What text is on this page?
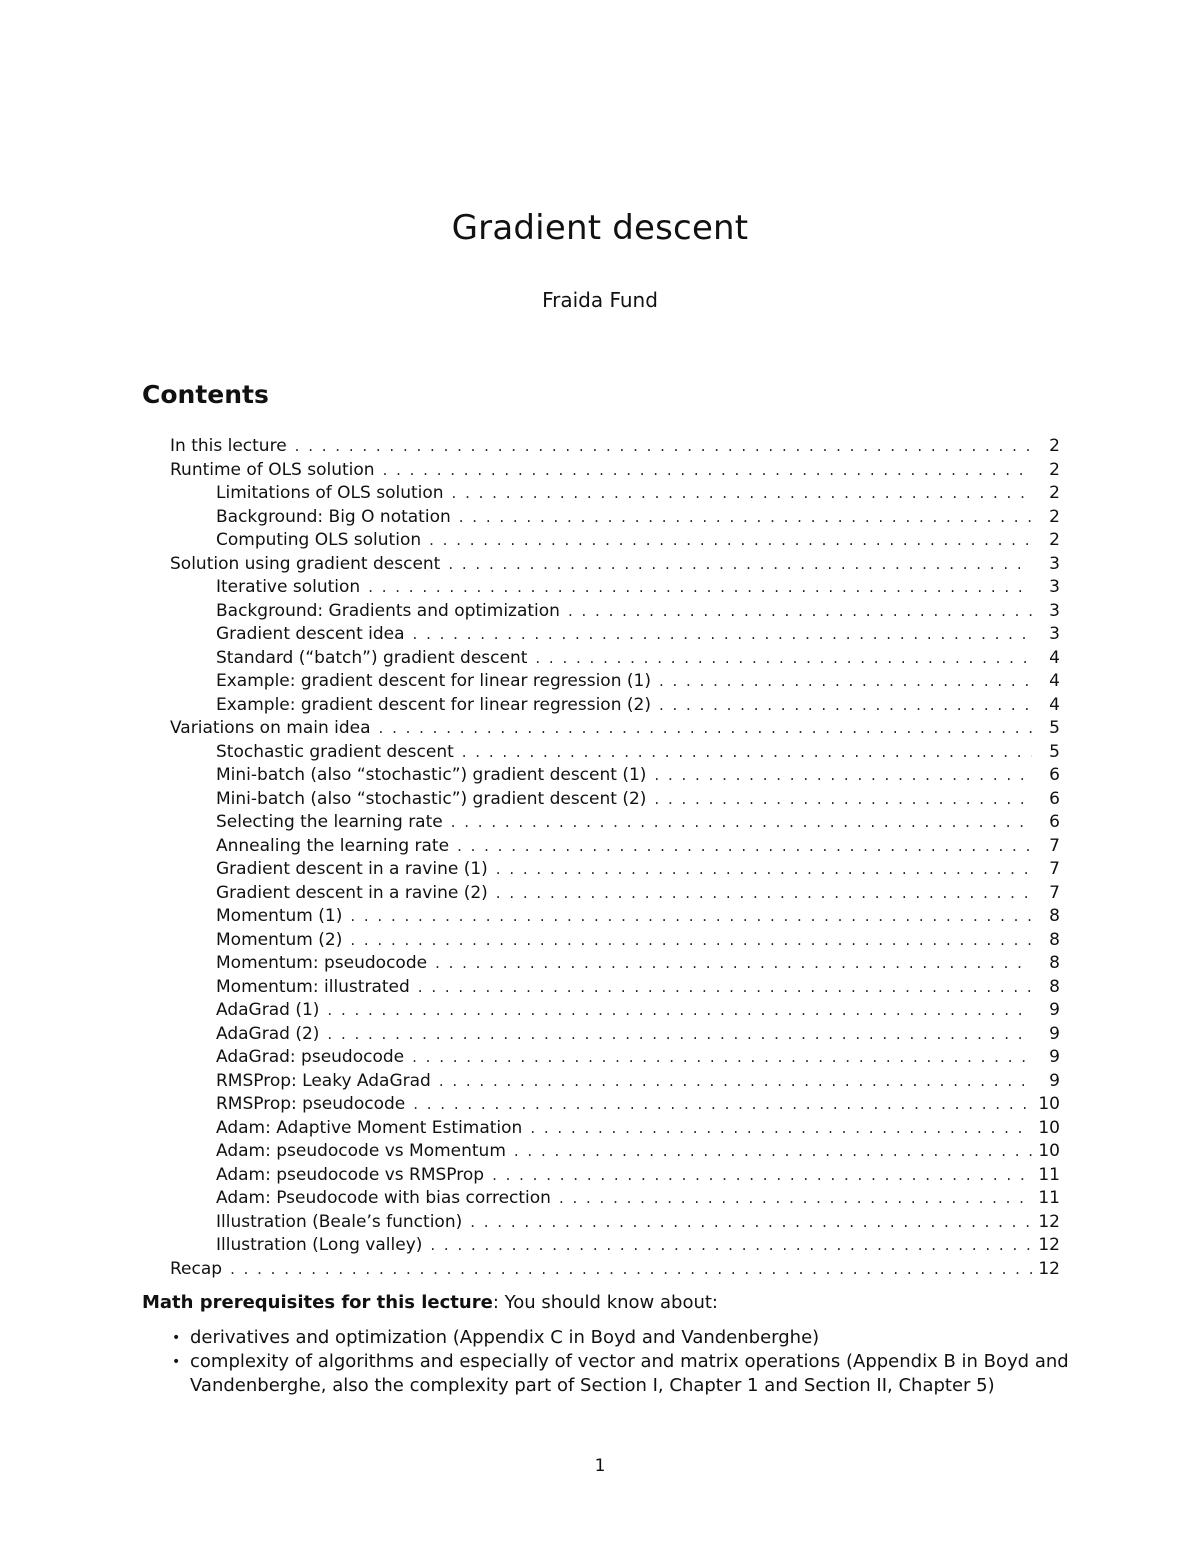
Gradient descent
Fraida Fund
Contents
In this lecture . . .	2
Runtime of OLS solution . . .	2
Limitations of OLS solution . . .	2
Background: Big O notation . . .	2
Computing OLS solution . . .	2
Solution using gradient descent . . .	3
Iterative solution . . .	3
Background: Gradients and optimization . . .	3
Gradient descent idea . . .	3
Standard (“batch”) gradient descent . . .	4
Example: gradient descent for linear regression (1) . . .	4
Example: gradient descent for linear regression (2) . . .	4
Variations on main idea . . .	5
Stochastic gradient descent . . .	5
Mini-batch (also “stochastic”) gradient descent (1) . . .	6
Mini-batch (also “stochastic”) gradient descent (2) . . .	6
Selecting the learning rate . . .	6
Annealing the learning rate . . .	7
Gradient descent in a ravine (1) . . .	7
Gradient descent in a ravine (2) . . .	7
Momentum (1) . . .	8
Momentum (2) . . .	8
Momentum: pseudocode . . .	8
Momentum: illustrated . . .	8
AdaGrad (1) . . .	9
AdaGrad (2) . . .	9
AdaGrad: pseudocode . . .	9
RMSProp: Leaky AdaGrad . . .	9
RMSProp: pseudocode . . .	10
Adam: Adaptive Moment Estimation . . .	10
Adam: pseudocode vs Momentum . . .	10
Adam: pseudocode vs RMSProp . . .	11
Adam: Pseudocode with bias correction . . .	11
Illustration (Beale’s function) . . .	12
Illustration (Long valley) . . .	12
Recap . . .	12
Math prerequisites for this lecture: You should know about:
• derivatives and optimization (Appendix C in Boyd and Vandenberghe)
• complexity of algorithms and especially of vector and matrix operations (Appendix B in Boyd and Vandenberghe, also the complexity part of Section I, Chapter 1 and Section II, Chapter 5)
1
